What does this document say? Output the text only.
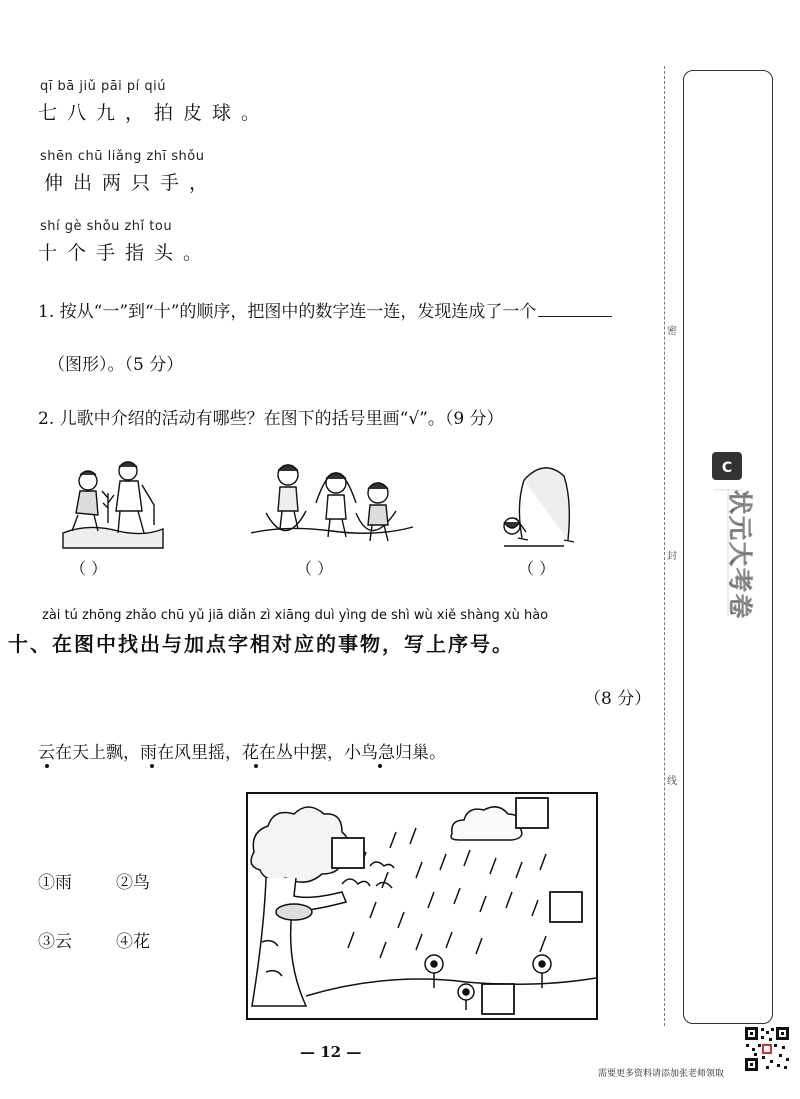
qī bā jiǔ pāi pí qiú
七八九，拍皮球。
shēn chū liǎng zhī shǒu
伸出两只手，
shí gè shǒu zhǐ tou
十个手指头。
1. 按从“一”到“十”的顺序，把图中的数字连一连，发现连成了一个
（图形）。（5 分）
2. 儿歌中介绍的活动有哪些？在图下的括号里画“√”。（9 分）
（ ）	（ ）	（ ）
zài tú zhōng zhǎo chū yǔ jiā diǎn zì xiāng duì yìng de shì wù xiě shàng xù hào
十、在图中找出与加点字相对应的事物，写上序号。
（8 分）
云在天上飘，雨在风里摇，花在丛中摆，小鸟急归巢。
①雨	②鸟
③云	④花
— 12 —
需要更多资料请添加张老师领取
密
封
线
C
状元大考卷
